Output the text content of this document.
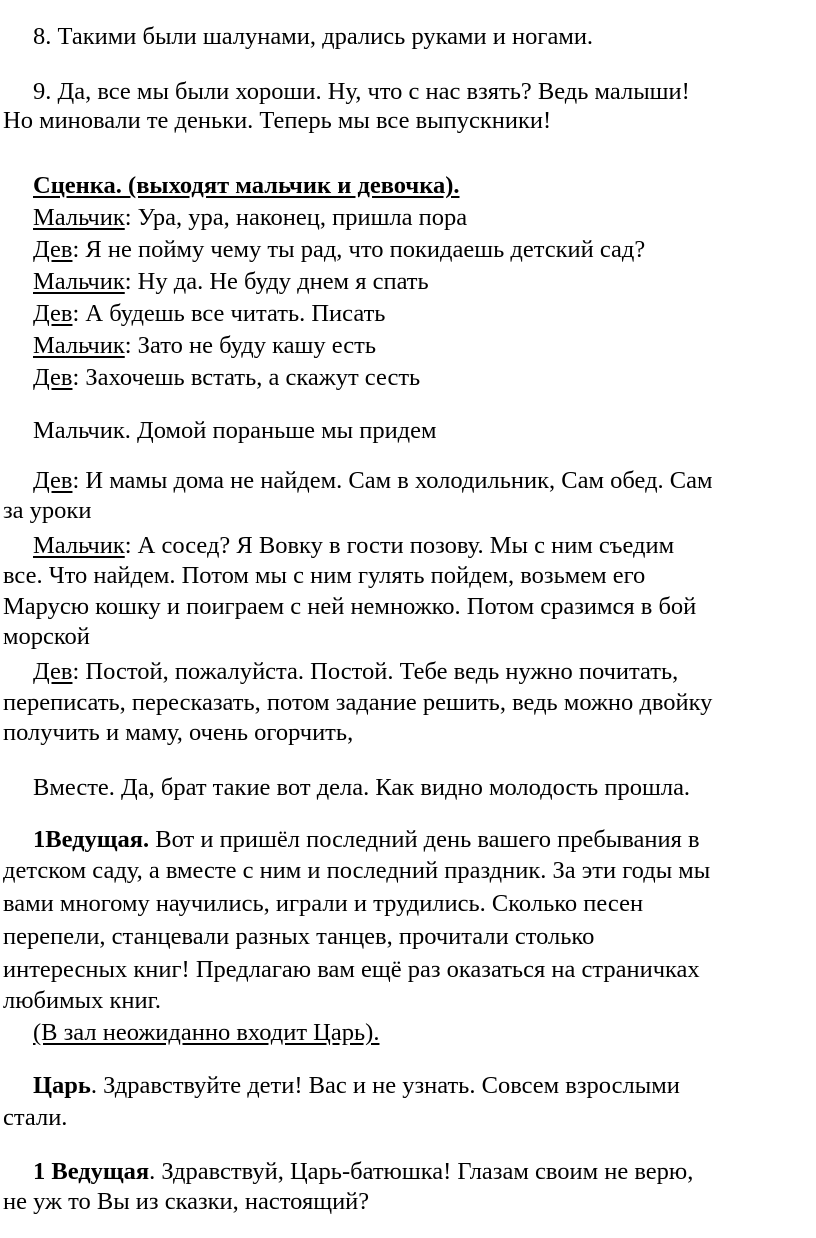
8. Такими были шалунами, дрались руками и ногами.
9. Да, все мы были хороши. Ну, что с нас взять? Ведь малыши!
Но миновали те деньки. Теперь мы все выпускники!
Сценка. (выходят мальчик и девочка).
Мальчик: Ура, ура, наконец, пришла пора
Дев: Я не пойму чему ты рад, что покидаешь детский сад?
Мальчик: Ну да. Не буду днем я спать
Дев: А будешь все читать. Писать
Мальчик: Зато не буду кашу есть
Дев: Захочешь встать, а скажут сесть
Мальчик. Домой пораньше мы придем
Дев: И мамы дома не найдем. Сам в холодильник, Сам обед. Сам
за уроки
Мальчик: А сосед? Я Вовку в гости позову. Мы с ним съедим
все. Что найдем. Потом мы с ним гулять пойдем, возьмем его
Марусю кошку и поиграем с ней немножко. Потом сразимся в бой
морской
Дев: Постой, пожалуйста. Постой. Тебе ведь нужно почитать,
переписать, пересказать, потом задание решить, ведь можно двойку
получить и маму, очень огорчить,
Вместе. Да, брат такие вот дела. Как видно молодость прошла.
1Ведущая. Вот и пришёл последний день вашего пребывания в
детском саду, а вместе с ним и последний праздник. За эти годы мы
вами многому научились, играли и трудились. Сколько песен
перепели, станцевали разных танцев, прочитали столько
интересных книг! Предлагаю вам ещё раз оказаться на страничках
любимых книг.
(В зал неожиданно входит Царь).
Царь. Здравствуйте дети! Вас и не узнать. Совсем взрослыми
стали.
1 Ведущая. Здравствуй, Царь-батюшка! Глазам своим не верю,
не уж то Вы из сказки, настоящий?
